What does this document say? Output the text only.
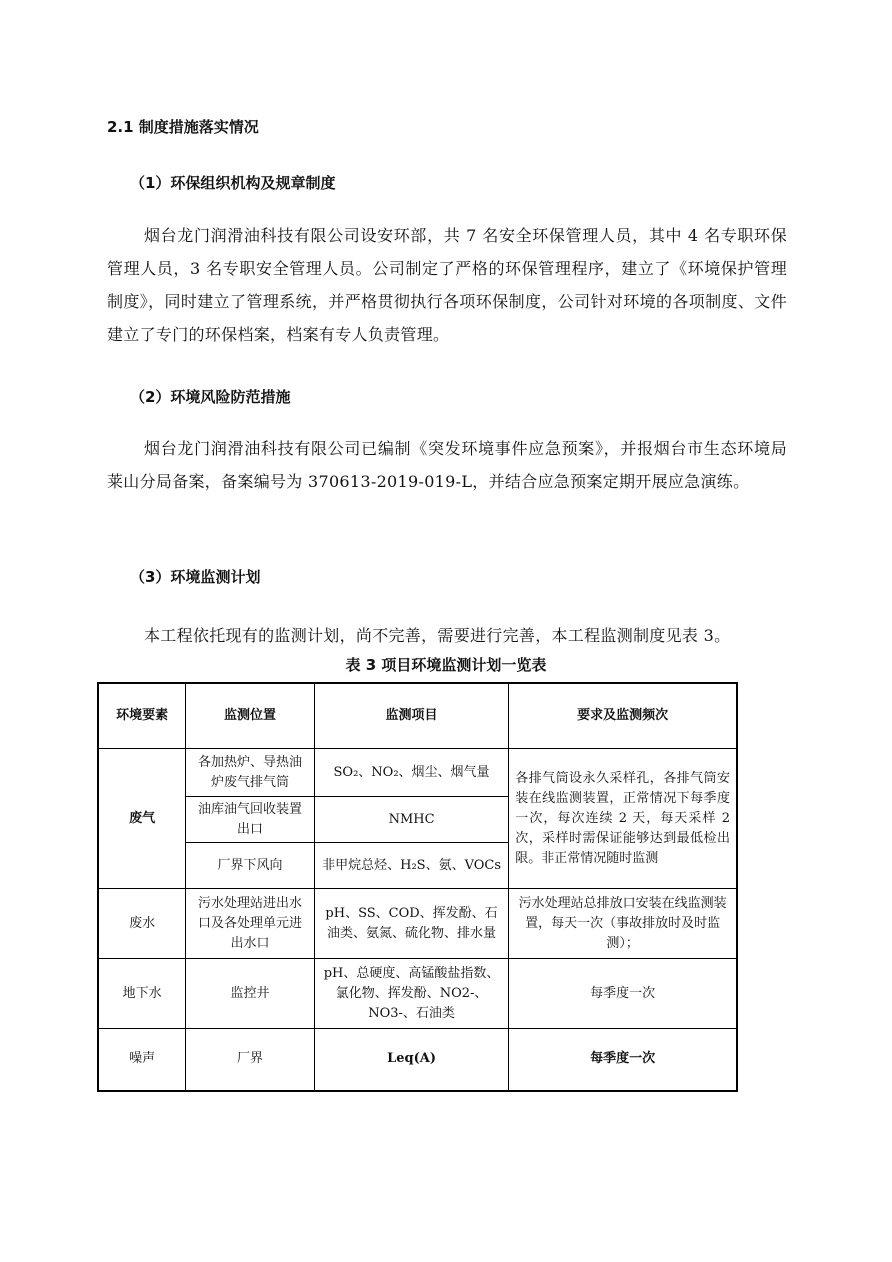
2.1 制度措施落实情况
（1）环保组织机构及规章制度
烟台龙门润滑油科技有限公司设安环部，共 7 名安全环保管理人员，其中 4 名专职环保管理人员，3 名专职安全管理人员。公司制定了严格的环保管理程序，建立了《环境保护管理制度》，同时建立了管理系统，并严格贯彻执行各项环保制度，公司针对环境的各项制度、文件建立了专门的环保档案，档案有专人负责管理。
（2）环境风险防范措施
烟台龙门润滑油科技有限公司已编制《突发环境事件应急预案》，并报烟台市生态环境局莱山分局备案，备案编号为 370613-2019-019-L，并结合应急预案定期开展应急演练。
（3）环境监测计划
本工程依托现有的监测计划，尚不完善，需要进行完善，本工程监测制度见表 3。
表 3 项目环境监测计划一览表
环境要素	监测位置	监测项目	要求及监测频次
废气	各加热炉、导热油炉废气排气筒	SO₂、NO₂、烟尘、烟气量	各排气筒设永久采样孔，各排气筒安装在线监测装置，正常情况下每季度一次，每次连续 2 天，每天采样 2 次，采样时需保证能够达到最低检出限。非正常情况随时监测
	油库油气回收装置出口	NMHC	
	厂界下风向	非甲烷总烃、H₂S、氨、VOCs	
废水	污水处理站进出水口及各处理单元进出水口	pH、SS、COD、挥发酚、石油类、氨氮、硫化物、排水量	污水处理站总排放口安装在线监测装置，每天一次（事故排放时及时监测）；
地下水	监控井	pH、总硬度、高锰酸盐指数、氯化物、挥发酚、NO2-、NO3-、石油类	每季度一次
噪声	厂界	Leq(A)	每季度一次
